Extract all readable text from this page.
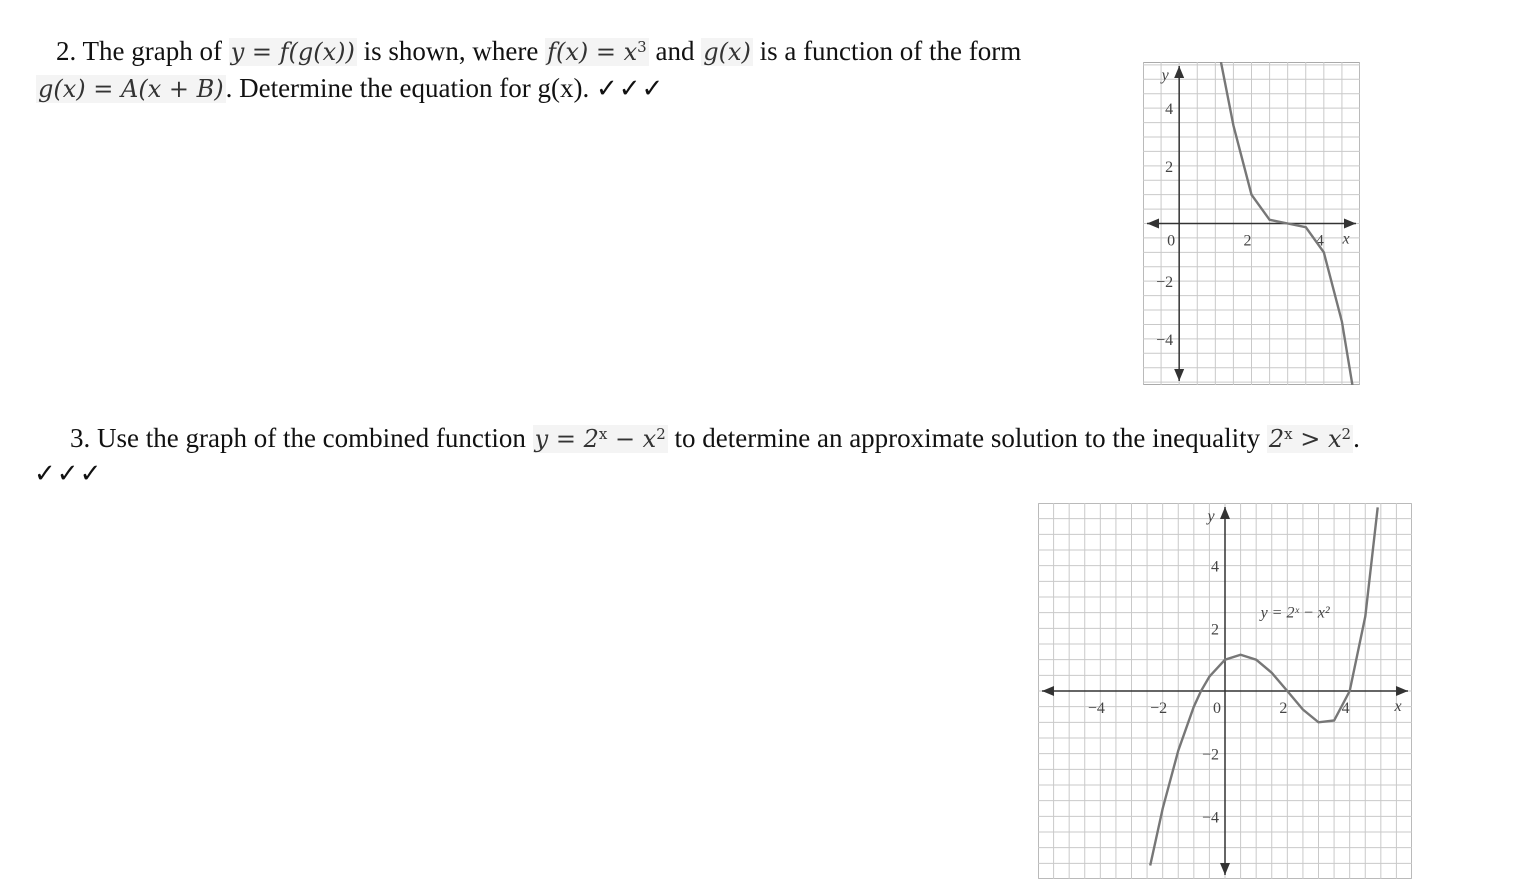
2. The graph of y = f(g(x)) is shown, where $f(x) = x^3$ and g(x) is a function of the form
g(x) = A(x + B). Determine the equation for g(x). ✓✓✓
0	2	4
4
2
−2
−4
x
y
3. Use the graph of the combined function $y = 2^x - x^2$ to determine an approximate solution to the inequality $2^x > x^2$.
✓✓✓
−4	−2	0	2	4
4
2
−2
−4
x
y
y = 2ˣ − x²
